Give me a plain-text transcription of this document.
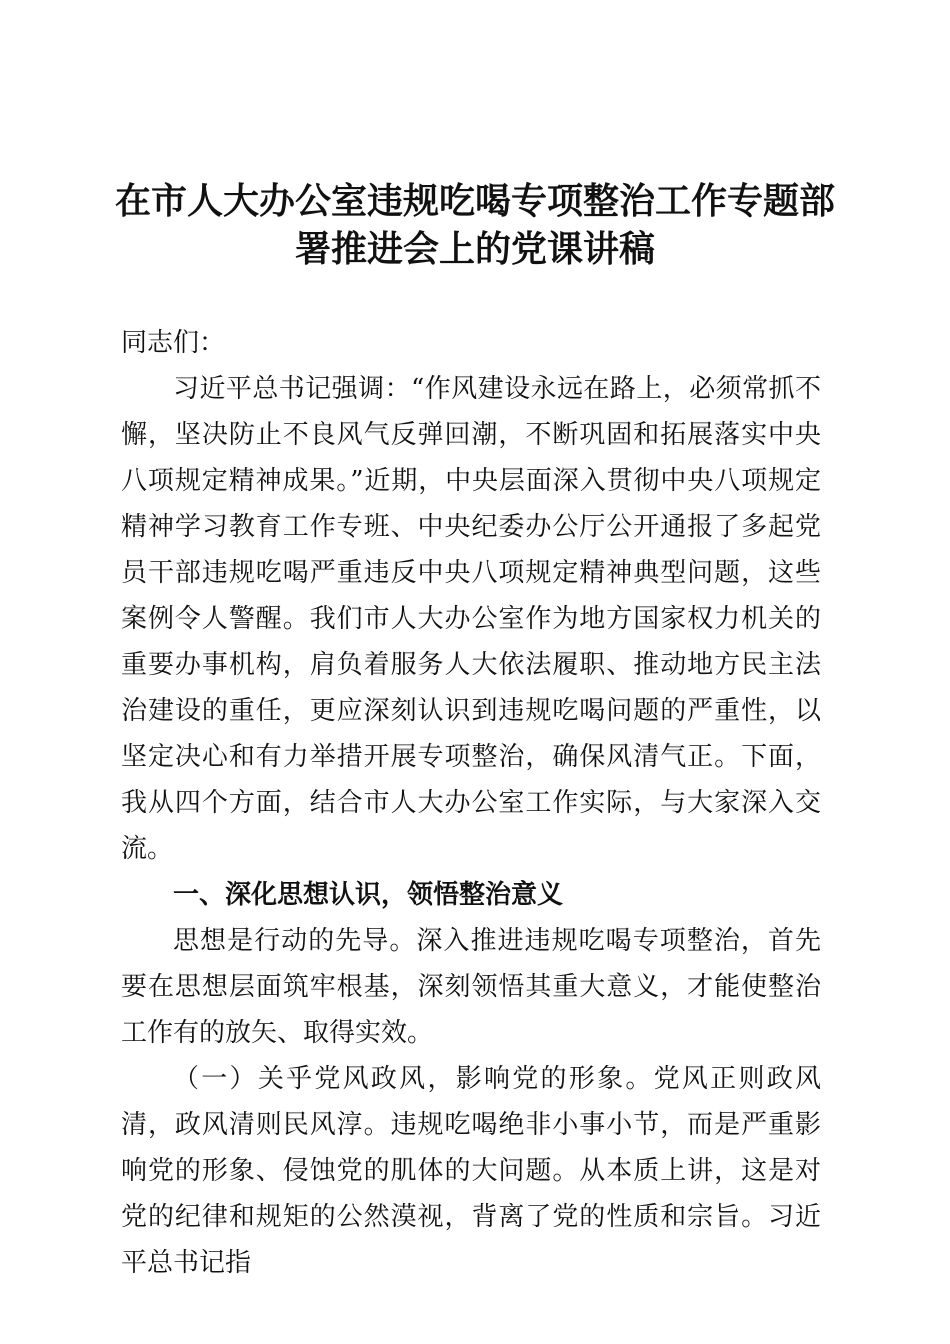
在市人大办公室违规吃喝专项整治工作专题部署推进会上的党课讲稿

同志们：

习近平总书记强调：“作风建设永远在路上，必须常抓不懈，坚决防止不良风气反弹回潮，不断巩固和拓展落实中央八项规定精神成果。”近期，中央层面深入贯彻中央八项规定精神学习教育工作专班、中央纪委办公厅公开通报了多起党员干部违规吃喝严重违反中央八项规定精神典型问题，这些案例令人警醒。我们市人大办公室作为地方国家权力机关的重要办事机构，肩负着服务人大依法履职、推动地方民主法治建设的重任，更应深刻认识到违规吃喝问题的严重性，以坚定决心和有力举措开展专项整治，确保风清气正。下面，我从四个方面，结合市人大办公室工作实际，与大家深入交流。

一、深化思想认识，领悟整治意义

思想是行动的先导。深入推进违规吃喝专项整治，首先要在思想层面筑牢根基，深刻领悟其重大意义，才能使整治工作有的放矢、取得实效。

（一）关乎党风政风，影响党的形象。党风正则政风清，政风清则民风淳。违规吃喝绝非小事小节，而是严重影响党的形象、侵蚀党的肌体的大问题。从本质上讲，这是对党的纪律和规矩的公然漠视，背离了党的性质和宗旨。习近平总书记指
